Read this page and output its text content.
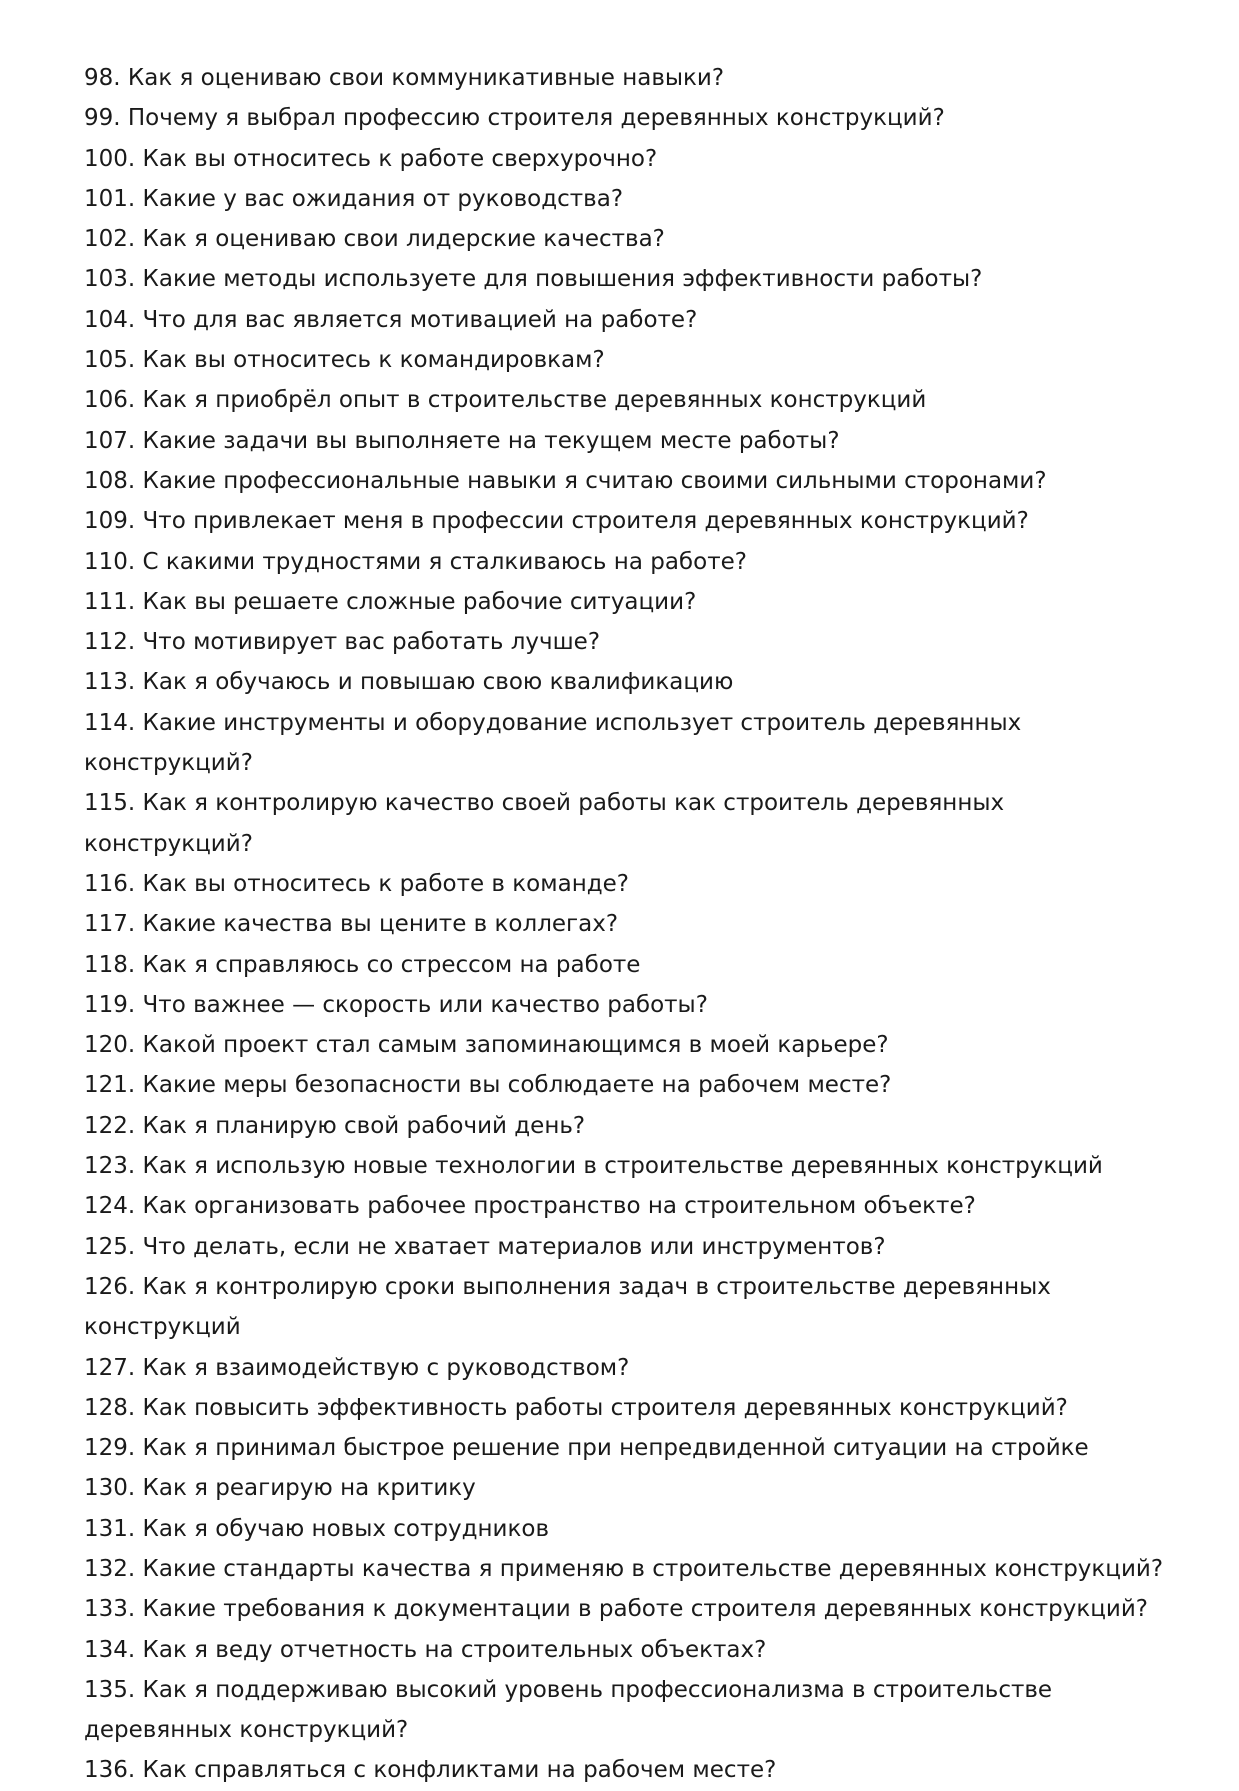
98. Как я оцениваю свои коммуникативные навыки?
99. Почему я выбрал профессию строителя деревянных конструкций?
100. Как вы относитесь к работе сверхурочно?
101. Какие у вас ожидания от руководства?
102. Как я оцениваю свои лидерские качества?
103. Какие методы используете для повышения эффективности работы?
104. Что для вас является мотивацией на работе?
105. Как вы относитесь к командировкам?
106. Как я приобрёл опыт в строительстве деревянных конструкций
107. Какие задачи вы выполняете на текущем месте работы?
108. Какие профессиональные навыки я считаю своими сильными сторонами?
109. Что привлекает меня в профессии строителя деревянных конструкций?
110. С какими трудностями я сталкиваюсь на работе?
111. Как вы решаете сложные рабочие ситуации?
112. Что мотивирует вас работать лучше?
113. Как я обучаюсь и повышаю свою квалификацию
114. Какие инструменты и оборудование использует строитель деревянных конструкций?
115. Как я контролирую качество своей работы как строитель деревянных конструкций?
116. Как вы относитесь к работе в команде?
117. Какие качества вы цените в коллегах?
118. Как я справляюсь со стрессом на работе
119. Что важнее — скорость или качество работы?
120. Какой проект стал самым запоминающимся в моей карьере?
121. Какие меры безопасности вы соблюдаете на рабочем месте?
122. Как я планирую свой рабочий день?
123. Как я использую новые технологии в строительстве деревянных конструкций
124. Как организовать рабочее пространство на строительном объекте?
125. Что делать, если не хватает материалов или инструментов?
126. Как я контролирую сроки выполнения задач в строительстве деревянных конструкций
127. Как я взаимодействую с руководством?
128. Как повысить эффективность работы строителя деревянных конструкций?
129. Как я принимал быстрое решение при непредвиденной ситуации на стройке
130. Как я реагирую на критику
131. Как я обучаю новых сотрудников
132. Какие стандарты качества я применяю в строительстве деревянных конструкций?
133. Какие требования к документации в работе строителя деревянных конструкций?
134. Как я веду отчетность на строительных объектах?
135. Как я поддерживаю высокий уровень профессионализма в строительстве деревянных конструкций?
136. Как справляться с конфликтами на рабочем месте?
